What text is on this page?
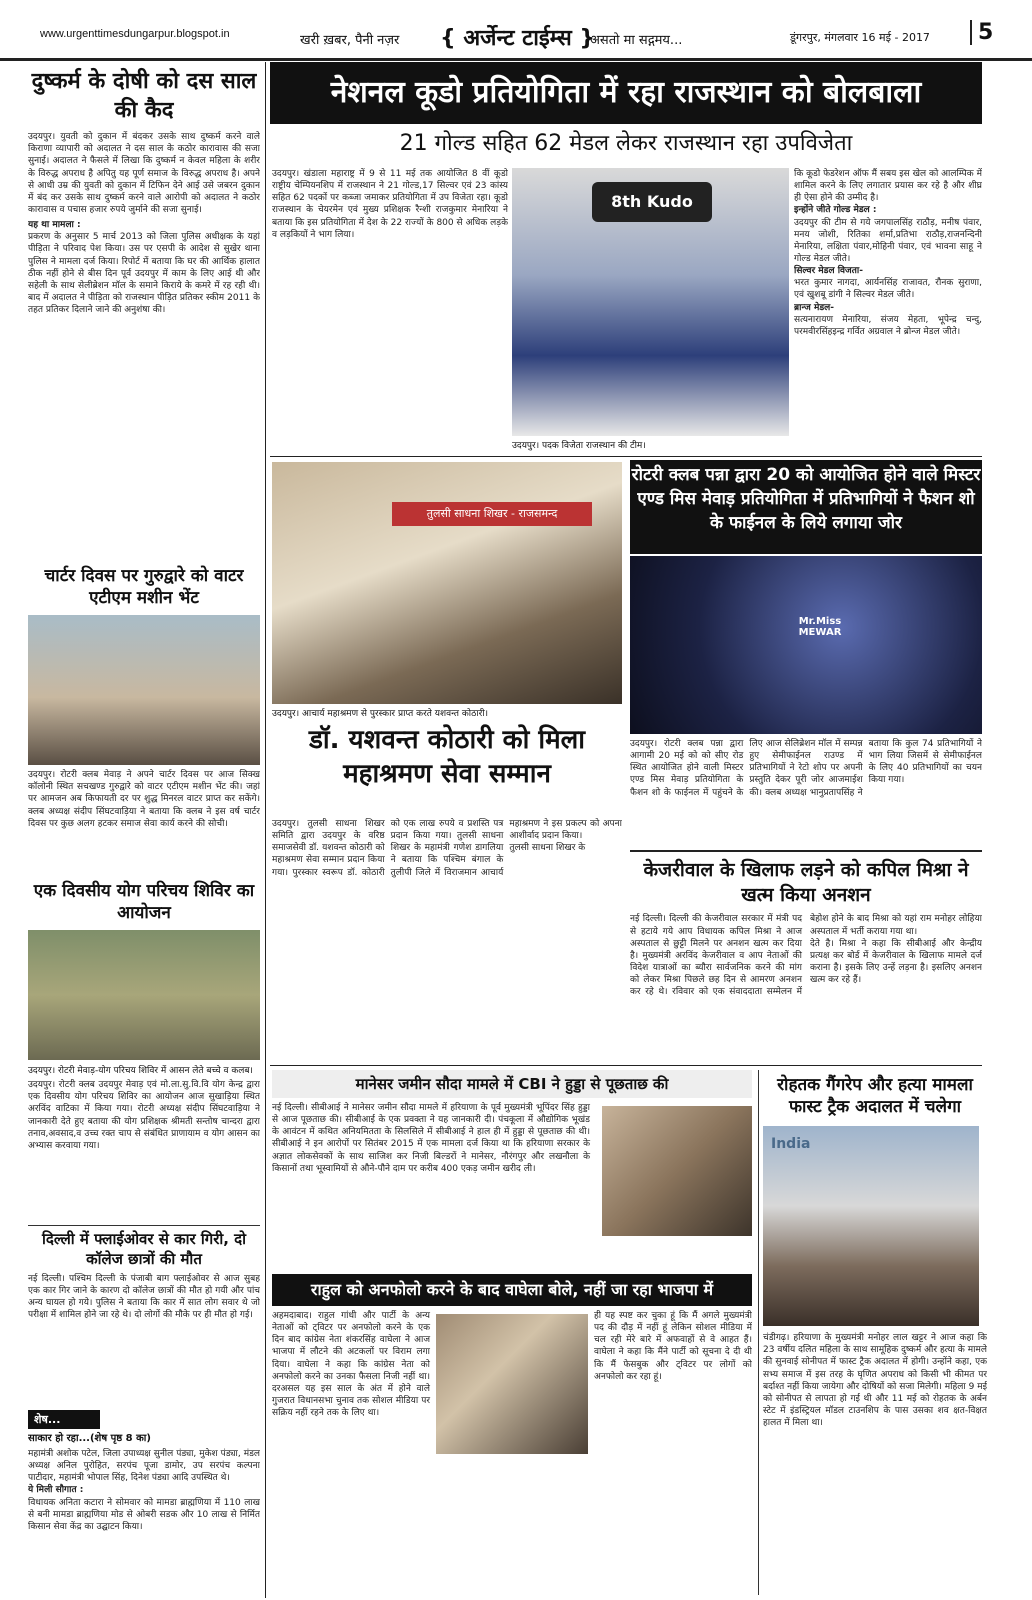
www.urgenttimesdungarpur.blogspot.in	खरी ख़बर, पैनी नज़र { अर्जेन्ट टाईम्स }
असतो मा सद्गमय...	डूंगरपुर, मंगलवार 16 मई - 2017	5
दुष्कर्म के दोषी को दस साल की कैद
उदयपुर। युवती को दुकान में बंदकर उसके साथ दुष्कर्म करने वाले किराणा व्यापारी को अदालत ने दस साल के कठोर कारावास की सजा सुनाई। अदालत ने फैसले में लिखा कि दुष्कर्म न केवल महिला के शरीर के विरुद्ध अपराध है अपितु यह पूर्ण समाज के विरुद्ध अपराध है। अपने से आधी उम्र की युवती को दुकान में टिफिन देने आई उसे जबरन दुकान में बंद कर उसके साथ दुष्कर्म करने वाले आरोपी को अदालत ने कठोर कारावास व पचास हजार रुपये जुर्माने की सजा सुनाई।
यह था मामला :
प्रकरण के अनुसार 5 मार्च 2013 को जिला पुलिस अधीक्षक के यहां पीड़िता ने परिवाद पेश किया। उस पर एसपी के आदेश से सुखेर थाना पुलिस ने मामला दर्ज किया। रिपोर्ट में बताया कि घर की आर्थिक हालात ठीक नहीं होने से बीस दिन पूर्व उदयपुर में काम के लिए आई थी और सहेली के साथ सेलीब्रेशन मॉल के समाने किराये के कमरे में रह रही थी। बाद में अदालत ने पीड़िता को राजस्थान पीड़ित प्रतिकर स्कीम 2011 के तहत प्रतिकर दिलाने जाने की अनुशंषा की।
चार्टर दिवस पर गुरुद्वारे को वाटर एटीएम मशीन भेंट
उदयपुर। रोटरी क्लब मेवाड़ ने अपने चार्टर दिवस पर आज सिक्ख कॉलोनी स्थित सचखण्ड गुरुद्वारे को वाटर एटीएम मशीन भेंट की। जहां पर आमजन अब किफायती दर पर शुद्ध मिनरल वाटर प्राप्त कर सकेंगे। क्लब अध्यक्ष संदीप सिंघटवाड़िया ने बताया कि क्लब ने इस वर्ष चार्टर दिवस पर कुछ अलग हटकर समाज सेवा कार्य करने की सोची।
एक दिवसीय योग परिचय शिविर का आयोजन
उदयपुर। रोटरी मेवाड़-योग परिचय शिविर में आसन लेते बच्चे व कलब।
उदयपुर। रोटरी क्लब उदयपुर मेवाड़ एवं मो.ला.सु.वि.वि योग केन्द्र द्वारा एक दिवसीय योग परिचय शिविर का आयोजन आज सुखाड़िया स्थित अरविंद वाटिका में किया गया। रोटरी अध्यक्ष संदीप सिंघटवाड़िया ने जानकारी देते हुए बताया की योग प्रशिक्षक श्रीमती सन्तोष चान्दरा द्वारा तनाव,अवसाद,व उच्च रक्त चाप से संबंधित प्राणायाम व योग आसन का अभ्यास करवाया गया।
दिल्ली में फ्लाईओवर से कार गिरी, दो कॉलेज छात्रों की मौत
नई दिल्ली। पश्चिम दिल्ली के पंजाबी बाग फ्लाईओवर से आज सुबह एक कार गिर जाने के कारण दो कॉलेज छात्रों की मौत हो गयी और पांच अन्य घायल हो गये। पुलिस ने बताया कि कार में सात लोग सवार थे जो परीक्षा में शामिल होने जा रहे थे। दो लोगों की मौके पर ही मौत हो गई।
शेष...
साकार हो रहा...(शेष पृष्ठ 8 का)
महामंत्री अशोक पटेल, जिला उपाध्यक्ष सुनील पंड्या, मुकेश पंड्या, मंडल अध्यक्ष अनिल पुरोहित, सरपंच पूजा डामोर, उप सरपंच कल्पना पाटीदार, महामंत्री भोपाल सिंह, दिनेश पंड्या आदि उपस्थित थे।
ये मिली सौगात :
विधायक अनिता कटारा ने सोमवार को मामडा ब्राह्मणिया में 110 लाख से बनी मामडा ब्राह्मणिया मोड से ओबरी सडक और 10 लाख से निर्मित किसान सेवा केंद्र का उद्घाटन किया।
नेशनल कूडो प्रतियोगिता में रहा राजस्थान को बोलबाला
21 गोल्ड सहित 62 मेडल लेकर राजस्थान रहा उपविजेता
उदयपुर। खंडाला महाराष्ट्र में 9 से 11 मई तक आयोजित 8 वीं कूडो राष्ट्रीय चेम्पियनशिप में राजस्थान ने 21 गोल्ड,17 सिल्वर एवं 23 कांस्य सहित 62 पदकों पर कब्जा जमाकर प्रतियोगिता में उप विजेता रहा। कूडो राजस्थान के चेयरमेन एवं मुख्य प्रशिक्षक रैन्शी राजकुमार मेनारिया ने बताया कि इस प्रतियोगिता में देश के 22 राज्यों के 800 से अधिक लड़के व लड़कियों ने भाग लिया।
8th Kudo
उदयपुर। पदक विजेता राजस्थान की टीम।
कि कूडो फेडरेशन ऑफ मैं सबय इस खेल को आलम्पिक में शामिल करने के लिए लगातार प्रयास कर रहे है और शीघ्र ही ऐसा होने की उम्मीद है।
इन्होंने जीते गोल्ड मेडल :
उदयपुर की टीम से गये जगपालसिंह राठौड़, मनीष पंवार, मनय जोशी, रितिका शर्मा,प्रतिभा राठौड़,राजनन्दिनी मेनारिया, लक्षिता पंवार,मोहिनी पंवार, एवं भावना साहू ने गोल्ड मेडल जीते।
सिल्वर मेडल विजता-
भरत कुमार नागदा, आर्यनसिंह राजावत, रौनक सुराणा, एवं खुशबू डांगी ने सिल्वर मेडल जीते।
ब्रान्ज मेडल-
सत्यनारायण मेनारिया, संजय मेहता, भूपेन्द्र चन्दु, परमवीरसिंहइन्द्र गर्वित अग्रवाल ने ब्रोन्ज मेडल जीते।
तुलसी साधना शिखर - राजसमन्द
उदयपुर। आचार्य महाश्रमण से पुरस्कार प्राप्त करते यशवन्त कोठारी।
डॉ. यशवन्त कोठारी को मिला महाश्रमण सेवा सम्मान
उदयपुर। तुलसी साधना शिखर समिति द्वारा उदयपुर के वरिष्ठ समाजसेवी डॉ. यशवन्त कोठारी को महाश्रमण सेवा सम्मान प्रदान किया गया। पुरस्कार स्वरूप डॉ. कोठारी को एक लाख रुपये व प्रशस्ति पत्र प्रदान किया गया। तुलसी साधना शिखर के महामंत्री गणेश डागलिया ने बताया कि पश्चिम बंगाल के तुलीपी जिले में विराजमान आचार्य महाश्रमण ने इस प्रकल्प को अपना आशीर्वाद प्रदान किया।
तुलसी साधना शिखर के
रोटरी क्लब पन्ना द्वारा 20 को आयोजित होने वाले मिस्टर एण्ड मिस मेवाड़ प्रतियोगिता में प्रतिभागियों ने फैशन शो के फाईनल के लिये लगाया जोर
Mr.Miss MEWAR
उदयपुर। रोटरी क्लब पन्ना द्वारा आगामी 20 मई को को सीए रोड स्थित आयोजित होने वाली मिस्टर एण्ड मिस मेवाड़ प्रतियोगिता के फैशन शो के फाईनल में पहुंचने के लिए आज सेलिब्रेशन मॉल में सम्पन्न हुए सेमीफाईनल राउण्ड में प्रतिभागियों ने रेटो शोप पर अपनी प्रस्तुति देकर पूरी जोर आजमाईश की। क्लब अध्यक्ष भानुप्रतापसिंह ने बताया कि कुल 74 प्रतिभागियों ने भाग लिया जिसमें से सेमीफाईनल के लिए 40 प्रतिभागियों का चयन किया गया।
केजरीवाल के खिलाफ लड़ने को कपिल मिश्रा ने खत्म किया अनशन
नई दिल्ली। दिल्ली की केजरीवाल सरकार में मंत्री पद से हटाये गये आप विधायक कपिल मिश्रा ने आज अस्पताल से छुट्टी मिलने पर अनशन खत्म कर दिया है। मुख्यमंत्री अरविंद केजरीवाल व आप नेताओं की विदेश यात्राओं का ब्यौरा सार्वजनिक करने की मांग को लेकर मिश्रा पिछले छह दिन से आमरण अनशन कर रहे थे। रविवार को एक संवाददाता सम्मेलन में बेहोश होने के बाद मिश्रा को यहां राम मनोहर लोहिया अस्पताल में भर्ती कराया गया था।
देते है। मिश्रा ने कहा कि सीबीआई और केन्द्रीय प्रत्यक्ष कर बोर्ड में केजरीवाल के खिलाफ मामले दर्ज कराना है। इसके लिए उन्हें लड़ना है। इसलिए अनशन खत्म कर रहे हैं।
मानेसर जमीन सौदा मामले में CBI ने हुड्डा से पूछताछ की
नई दिल्ली। सीबीआई ने मानेसर जमीन सौदा मामले में हरियाणा के पूर्व मुख्यमंत्री भूपिंदर सिंह हुड्डा से आज पूछताछ की। सीबीआई के एक प्रवक्ता ने यह जानकारी दी। पंचकूला में औद्योगिक भूखंड के आवंटन में कथित अनियमितता के सिलसिले में सीबीआई ने हाल ही में हुड्डा से पूछताछ की थी। सीबीआई ने इन आरोपों पर सितंबर 2015 में एक मामला दर्ज किया था कि हरियाणा सरकार के अज्ञात लोकसेवकों के साथ साजिश कर निजी बिल्डरों ने मानेसर, नौरंगपुर और लखनौला के किसानों तथा भूस्वामियों से औने-पौने दाम पर करीब 400 एकड़ जमीन खरीद ली।
राहुल को अनफोलो करने के बाद वाघेला बोले, नहीं जा रहा भाजपा में
अहमदाबाद। राहुल गांधी और पार्टी के अन्य नेताओं को ट्विटर पर अनफोलो करने के एक दिन बाद कांग्रेस नेता शंकरसिंह वाघेला ने आज भाजपा में लौटने की अटकलों पर विराम लगा दिया। वाघेला ने कहा कि कांग्रेस नेता को अनफोलो करने का उनका फैसला निजी नहीं था। दरअसल यह इस साल के अंत में होने वाले गुजरात विधानसभा चुनाव तक सोशल मीडिया पर सक्रिय नहीं रहने तक के लिए था।
ही यह स्पष्ट कर चुका हूं कि मैं अगले मुख्यमंत्री पद की दौड़ में नहीं हूं लेकिन सोशल मीडिया में चल रही मेरे बारे में अफवाहों से वे आहत हैं। वाघेला ने कहा कि मैंने पार्टी को सूचना दे दी थी कि मैं फेसबुक और ट्विटर पर लोगों को अनफोलो कर रहा हूं।
रोहतक गैंगरेप और हत्या मामला फास्ट ट्रैक अदालत में चलेगा
India
चंडीगढ़। हरियाणा के मुख्यमंत्री मनोहर लाल खट्टर ने आज कहा कि 23 वर्षीय दलित महिला के साथ सामूहिक दुष्कर्म और हत्या के मामले की सुनवाई सोनीपत में फास्ट ट्रैक अदालत में होगी। उन्होंने कहा, एक सभ्य समाज में इस तरह के घृणित अपराध को किसी भी कीमत पर बर्दाश्त नहीं किया जायेगा और दोषियों को सजा मिलेगी। महिला 9 मई को सोनीपत से लापता हो गई थी और 11 मई को रोहतक के अर्बन स्टेट में इंडस्ट्रियल मॉडल टाउनशिप के पास उसका शव क्षत-विक्षत हालत में मिला था।
